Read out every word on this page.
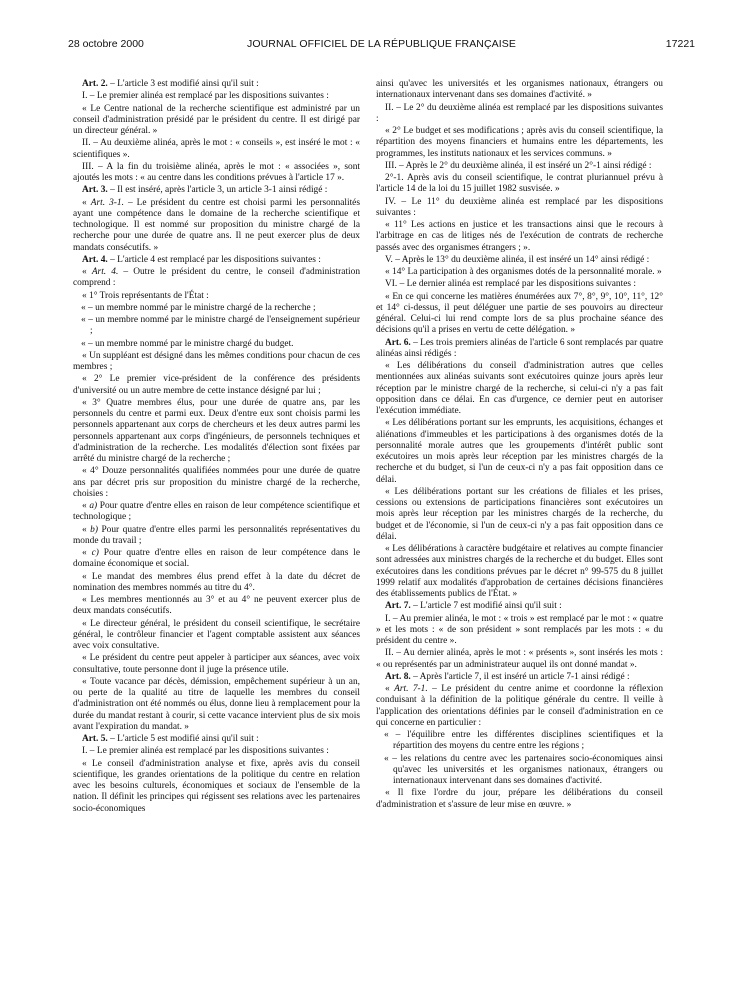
28 octobre 2000	JOURNAL OFFICIEL DE LA RÉPUBLIQUE FRANÇAISE	17221

Art. 2. – L'article 3 est modifié ainsi qu'il suit :

I. – Le premier alinéa est remplacé par les dispositions suivantes :

« Le Centre national de la recherche scientifique est administré par un conseil d'administration présidé par le président du centre. Il est dirigé par un directeur général. »

II. – Au deuxième alinéa, après le mot : « conseils », est inséré le mot : « scientifiques ».

III. – A la fin du troisième alinéa, après le mot : « associées », sont ajoutés les mots : « au centre dans les conditions prévues à l'article 17 ».

Art. 3. – Il est inséré, après l'article 3, un article 3-1 ainsi rédigé :

« Art. 3-1. – Le président du centre est choisi parmi les personnalités ayant une compétence dans le domaine de la recherche scientifique et technologique. Il est nommé sur proposition du ministre chargé de la recherche pour une durée de quatre ans. Il ne peut exercer plus de deux mandats consécutifs. »

Art. 4. – L'article 4 est remplacé par les dispositions suivantes :

« Art. 4. – Outre le président du centre, le conseil d'administration comprend :

« 1° Trois représentants de l'État :

« – un membre nommé par le ministre chargé de la recherche ;

« – un membre nommé par le ministre chargé de l'enseignement supérieur ;

« – un membre nommé par le ministre chargé du budget.

« Un suppléant est désigné dans les mêmes conditions pour chacun de ces membres ;

« 2° Le premier vice-président de la conférence des présidents d'université ou un autre membre de cette instance désigné par lui ;

« 3° Quatre membres élus, pour une durée de quatre ans, par les personnels du centre et parmi eux. Deux d'entre eux sont choisis parmi les personnels appartenant aux corps de chercheurs et les deux autres parmi les personnels appartenant aux corps d'ingénieurs, de personnels techniques et d'administration de la recherche. Les modalités d'élection sont fixées par arrêté du ministre chargé de la recherche ;

« 4° Douze personnalités qualifiées nommées pour une durée de quatre ans par décret pris sur proposition du ministre chargé de la recherche, choisies :

« a) Pour quatre d'entre elles en raison de leur compétence scientifique et technologique ;

« b) Pour quatre d'entre elles parmi les personnalités représentatives du monde du travail ;

« c) Pour quatre d'entre elles en raison de leur compétence dans le domaine économique et social.

« Le mandat des membres élus prend effet à la date du décret de nomination des membres nommés au titre du 4°.

« Les membres mentionnés au 3° et au 4° ne peuvent exercer plus de deux mandats consécutifs.

« Le directeur général, le président du conseil scientifique, le secrétaire général, le contrôleur financier et l'agent comptable assistent aux séances avec voix consultative.

« Le président du centre peut appeler à participer aux séances, avec voix consultative, toute personne dont il juge la présence utile.

« Toute vacance par décès, démission, empêchement supérieur à un an, ou perte de la qualité au titre de laquelle les membres du conseil d'administration ont été nommés ou élus, donne lieu à remplacement pour la durée du mandat restant à courir, si cette vacance intervient plus de six mois avant l'expiration du mandat. »

Art. 5. – L'article 5 est modifié ainsi qu'il suit :

I. – Le premier alinéa est remplacé par les dispositions suivantes :

« Le conseil d'administration analyse et fixe, après avis du conseil scientifique, les grandes orientations de la politique du centre en relation avec les besoins culturels, économiques et sociaux de l'ensemble de la nation. Il définit les principes qui régissent ses relations avec les partenaires socio-économiques

ainsi qu'avec les universités et les organismes nationaux, étrangers ou internationaux intervenant dans ses domaines d'activité. »

II. – Le 2° du deuxième alinéa est remplacé par les dispositions suivantes :

« 2° Le budget et ses modifications ; après avis du conseil scientifique, la répartition des moyens financiers et humains entre les départements, les programmes, les instituts nationaux et les services communs. »

III. – Après le 2° du deuxième alinéa, il est inséré un 2°-1 ainsi rédigé :

2°-1. Après avis du conseil scientifique, le contrat pluriannuel prévu à l'article 14 de la loi du 15 juillet 1982 susvisée. »

IV. – Le 11° du deuxième alinéa est remplacé par les dispositions suivantes :

« 11° Les actions en justice et les transactions ainsi que le recours à l'arbitrage en cas de litiges nés de l'exécution de contrats de recherche passés avec des organismes étrangers ; ».

V. – Après le 13° du deuxième alinéa, il est inséré un 14° ainsi rédigé :

« 14° La participation à des organismes dotés de la personnalité morale. »

VI. – Le dernier alinéa est remplacé par les dispositions suivantes :

« En ce qui concerne les matières énumérées aux 7°, 8°, 9°, 10°, 11°, 12° et 14° ci-dessus, il peut déléguer une partie de ses pouvoirs au directeur général. Celui-ci lui rend compte lors de sa plus prochaine séance des décisions qu'il a prises en vertu de cette délégation. »

Art. 6. – Les trois premiers alinéas de l'article 6 sont remplacés par quatre alinéas ainsi rédigés :

« Les délibérations du conseil d'administration autres que celles mentionnées aux alinéas suivants sont exécutoires quinze jours après leur réception par le ministre chargé de la recherche, si celui-ci n'y a pas fait opposition dans ce délai. En cas d'urgence, ce dernier peut en autoriser l'exécution immédiate.

« Les délibérations portant sur les emprunts, les acquisitions, échanges et aliénations d'immeubles et les participations à des organismes dotés de la personnalité morale autres que les groupements d'intérêt public sont exécutoires un mois après leur réception par les ministres chargés de la recherche et du budget, si l'un de ceux-ci n'y a pas fait opposition dans ce délai.

« Les délibérations portant sur les créations de filiales et les prises, cessions ou extensions de participations financières sont exécutoires un mois après leur réception par les ministres chargés de la recherche, du budget et de l'économie, si l'un de ceux-ci n'y a pas fait opposition dans ce délai.

« Les délibérations à caractère budgétaire et relatives au compte financier sont adressées aux ministres chargés de la recherche et du budget. Elles sont exécutoires dans les conditions prévues par le décret n° 99-575 du 8 juillet 1999 relatif aux modalités d'approbation de certaines décisions financières des établissements publics de l'État. »

Art. 7. – L'article 7 est modifié ainsi qu'il suit :

I. – Au premier alinéa, le mot : « trois » est remplacé par le mot : « quatre » et les mots : « de son président » sont remplacés par les mots : « du président du centre ».

II. – Au dernier alinéa, après le mot : « présents », sont insérés les mots : « ou représentés par un administrateur auquel ils ont donné mandat ».

Art. 8. – Après l'article 7, il est inséré un article 7-1 ainsi rédigé :

« Art. 7-1. – Le président du centre anime et coordonne la réflexion conduisant à la définition de la politique générale du centre. Il veille à l'application des orientations définies par le conseil d'administration en ce qui concerne en particulier :

« – l'équilibre entre les différentes disciplines scientifiques et la répartition des moyens du centre entre les régions ;

« – les relations du centre avec les partenaires socio-économiques ainsi qu'avec les universités et les organismes nationaux, étrangers ou internationaux intervenant dans ses domaines d'activité.

« Il fixe l'ordre du jour, prépare les délibérations du conseil d'administration et s'assure de leur mise en œuvre. »
